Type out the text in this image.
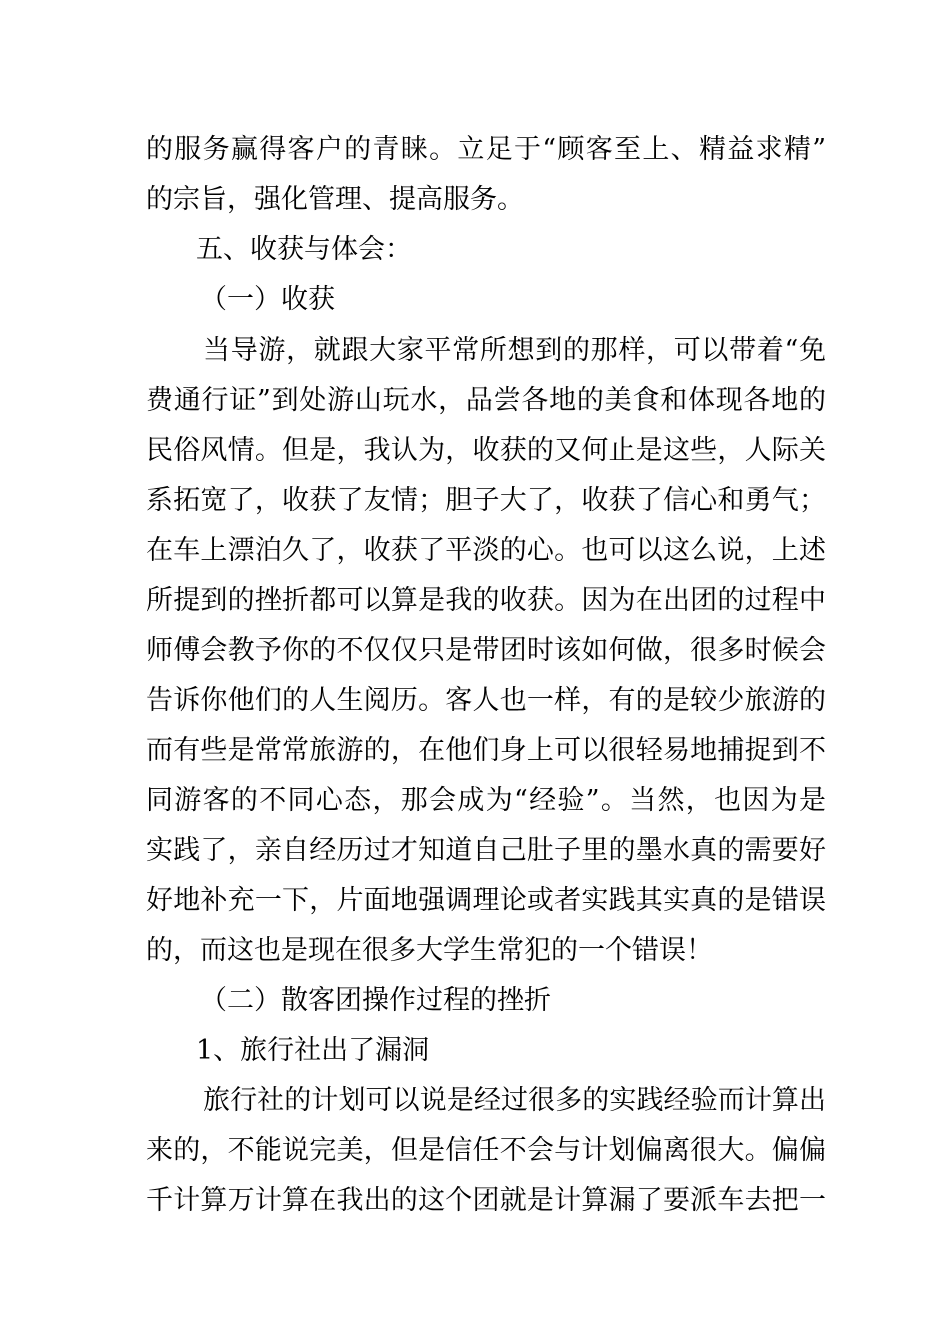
的服务赢得客户的青睐。立足于“顾客至上、精益求精”
的宗旨，强化管理、提高服务。
五、收获与体会：
（一）收获
当导游，就跟大家平常所想到的那样，可以带着“免
费通行证”到处游山玩水，品尝各地的美食和体现各地的
民俗风情。但是，我认为，收获的又何止是这些，人际关
系拓宽了，收获了友情；胆子大了，收获了信心和勇气；
在车上漂泊久了，收获了平淡的心。也可以这么说，上述
所提到的挫折都可以算是我的收获。因为在出团的过程中
师傅会教予你的不仅仅只是带团时该如何做，很多时候会
告诉你他们的人生阅历。客人也一样，有的是较少旅游的
而有些是常常旅游的，在他们身上可以很轻易地捕捉到不
同游客的不同心态，那会成为“经验”。当然，也因为是
实践了，亲自经历过才知道自己肚子里的墨水真的需要好
好地补充一下，片面地强调理论或者实践其实真的是错误
的，而这也是现在很多大学生常犯的一个错误！
（二）散客团操作过程的挫折
1、旅行社出了漏洞
旅行社的计划可以说是经过很多的实践经验而计算出
来的，不能说完美，但是信任不会与计划偏离很大。偏偏
千计算万计算在我出的这个团就是计算漏了要派车去把一
